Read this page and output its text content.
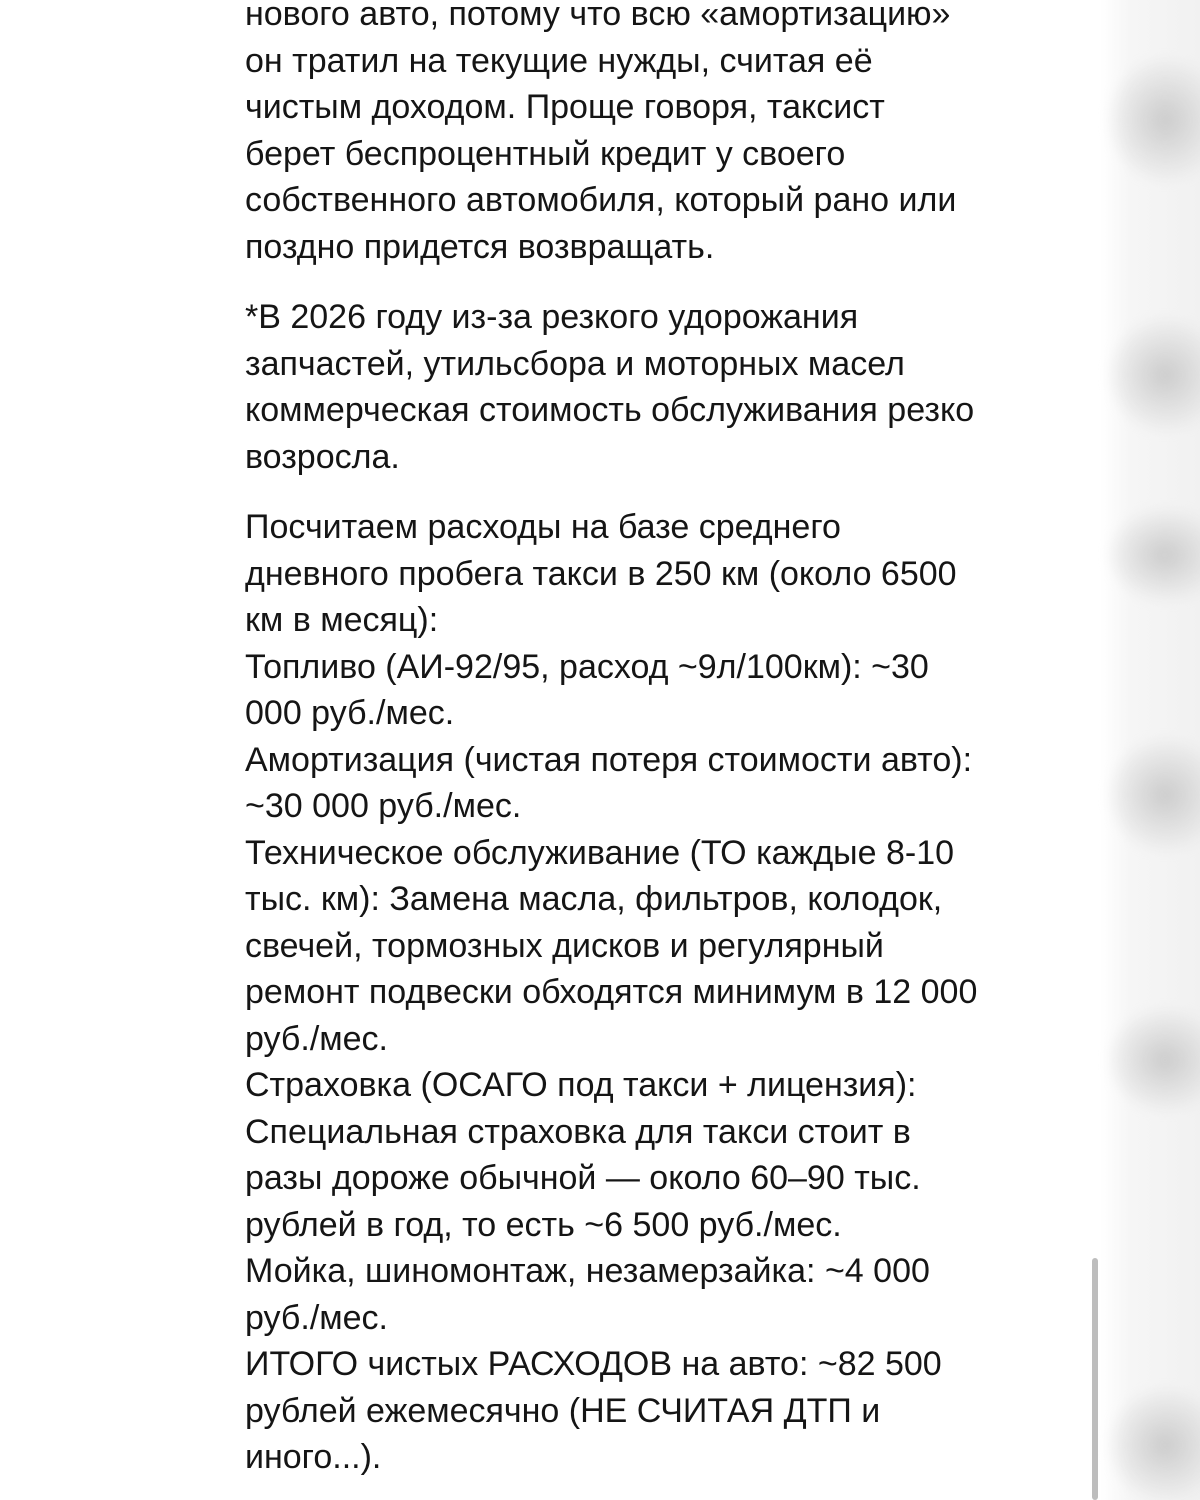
нового авто, потому что всю «амортизацию»

он тратил на текущие нужды, считая её

чистым доходом. Проще говоря, таксист

берет беспроцентный кредит у своего

собственного автомобиля, который рано или

поздно придется возвращать.

*В 2026 году из-за резкого удорожания

запчастей, утильсбора и моторных масел

коммерческая стоимость обслуживания резко

возросла.

Посчитаем расходы на базе среднего

дневного пробега такси в 250 км (около 6500

км в месяц):

Топливо (АИ-92/95, расход ~9л/100км): ~30

000 руб./мес.

Амортизация (чистая потеря стоимости авто):

~30 000 руб./мес.

Техническое обслуживание (ТО каждые 8-10

тыс. км): Замена масла, фильтров, колодок,

свечей, тормозных дисков и регулярный

ремонт подвески обходятся минимум в 12 000

руб./мес.

Страховка (ОСАГО под такси + лицензия):

Специальная страховка для такси стоит в

разы дороже обычной — около 60–90 тыс.

рублей в год, то есть ~6 500 руб./мес.

Мойка, шиномонтаж, незамерзайка: ~4 000

руб./мес.

ИТОГО чистых РАСХОДОВ на авто: ~82 500

рублей ежемесячно (НЕ СЧИТАЯ ДТП и

иного...).
